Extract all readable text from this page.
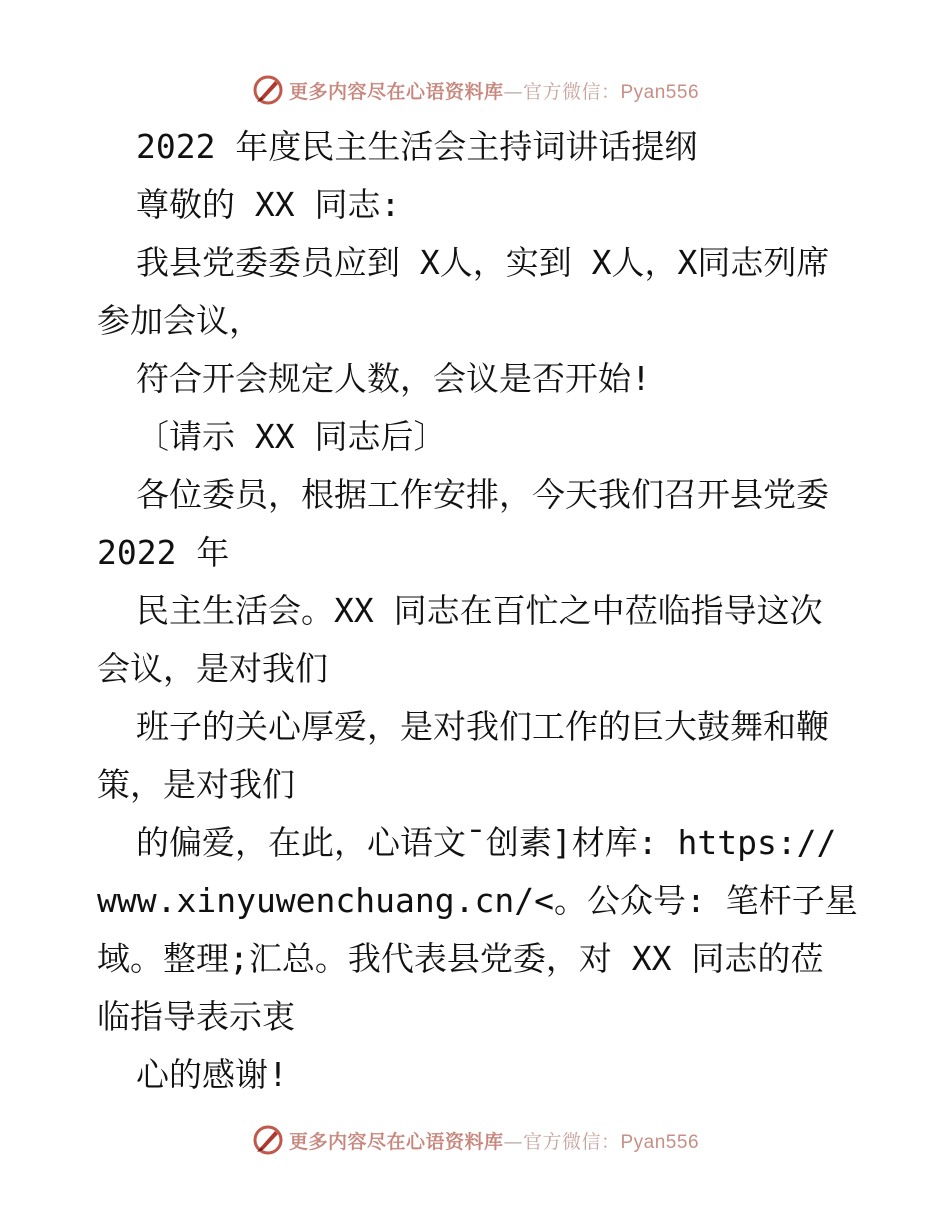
更多内容尽在心语资料库—官方微信：Pyan556
2022 年度民主生活会主持词讲话提纲
尊敬的 XX 同志:
我县党委委员应到 X人，实到 X人，X同志列席
参加会议，
符合开会规定人数，会议是否开始!
〔请示 XX 同志后〕
各位委员，根据工作安排，今天我们召开县党委
2022 年
民主生活会。XX 同志在百忙之中莅临指导这次
会议，是对我们
班子的关心厚爱，是对我们工作的巨大鼓舞和鞭
策，是对我们
的偏爱，在此，心语文¯创素]材库: https://
www.xinyuwenchuang.cn/<。公众号: 笔杆子星
域。整理;汇总。我代表县党委，对 XX 同志的莅
临指导表示衷
心的感谢!
更多内容尽在心语资料库—官方微信：Pyan556
